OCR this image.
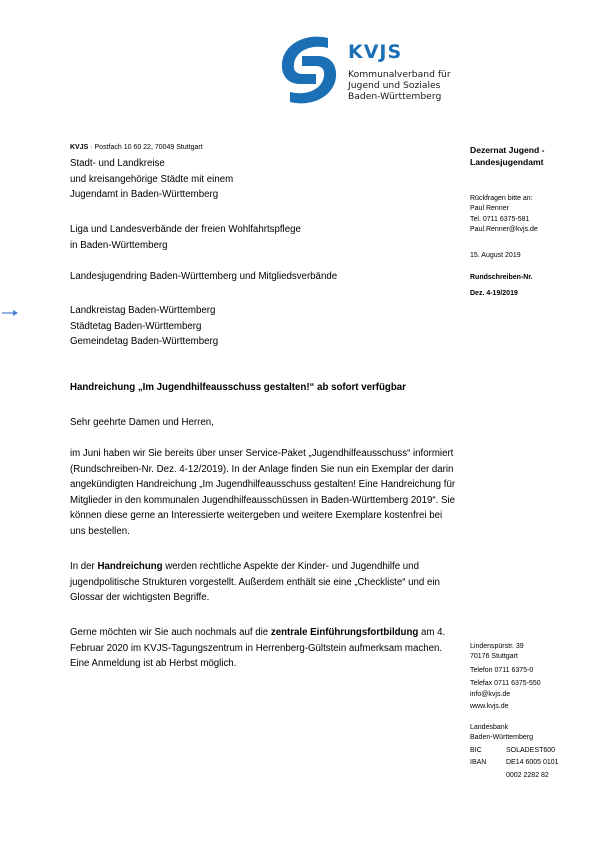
KVJS
Kommunalverband für
Jugend und Soziales
Baden-Württemberg
KVJS · Postfach 10 60 22, 70049 Stuttgart
Stadt- und Landkreise
und kreisangehörige Städte mit einem
Jugendamt in Baden-Württemberg
Liga und Landesverbände der freien Wohlfahrtspflege
in Baden-Württemberg
Landesjugendring Baden-Württemberg und Mitgliedsverbände
Landkreistag Baden-Württemberg
Städtetag Baden-Württemberg
Gemeindetag Baden-Württemberg
Dezernat Jugend -
Landesjugendamt
Rückfragen bitte an:
Paul Renner
Tel. 0711 6375-581
Paul.Renner@kvjs.de
15. August 2019
Rundschreiben-Nr.
Dez. 4-19/2019
Lindenspürstr. 39
70176 Stuttgart
Telefon 0711 6375-0
Telefax 0711 6375-550
info@kvjs.de
www.kvjs.de
Landesbank
Baden-Württemberg
BIC	SOLADEST600
IBAN	DE14 6005 0101
0002 2282 82
Handreichung „Im Jugendhilfeausschuss gestalten!“ ab sofort verfügbar
Sehr geehrte Damen und Herren,

im Juni haben wir Sie bereits über unser Service-Paket „Jugendhilfeausschuss“ informiert (Rundschreiben-Nr. Dez. 4-12/2019). In der Anlage finden Sie nun ein Exemplar der darin angekündigten Handreichung „Im Jugendhilfeausschuss gestalten! Eine Handreichung für Mitglieder in den kommunalen Jugendhilfeausschüssen in Baden-Württemberg 2019“. Sie können diese gerne an Interessierte weitergeben und weitere Exemplare kostenfrei bei uns bestellen.

In der Handreichung werden rechtliche Aspekte der Kinder- und Jugendhilfe und jugendpolitische Strukturen vorgestellt. Außerdem enthält sie eine „Checkliste“ und ein Glossar der wichtigsten Begriffe.

Gerne möchten wir Sie auch nochmals auf die zentrale Einführungsfortbildung am 4. Februar 2020 im KVJS-Tagungszentrum in Herrenberg-Gültstein aufmerksam machen. Eine Anmeldung ist ab Herbst möglich.
